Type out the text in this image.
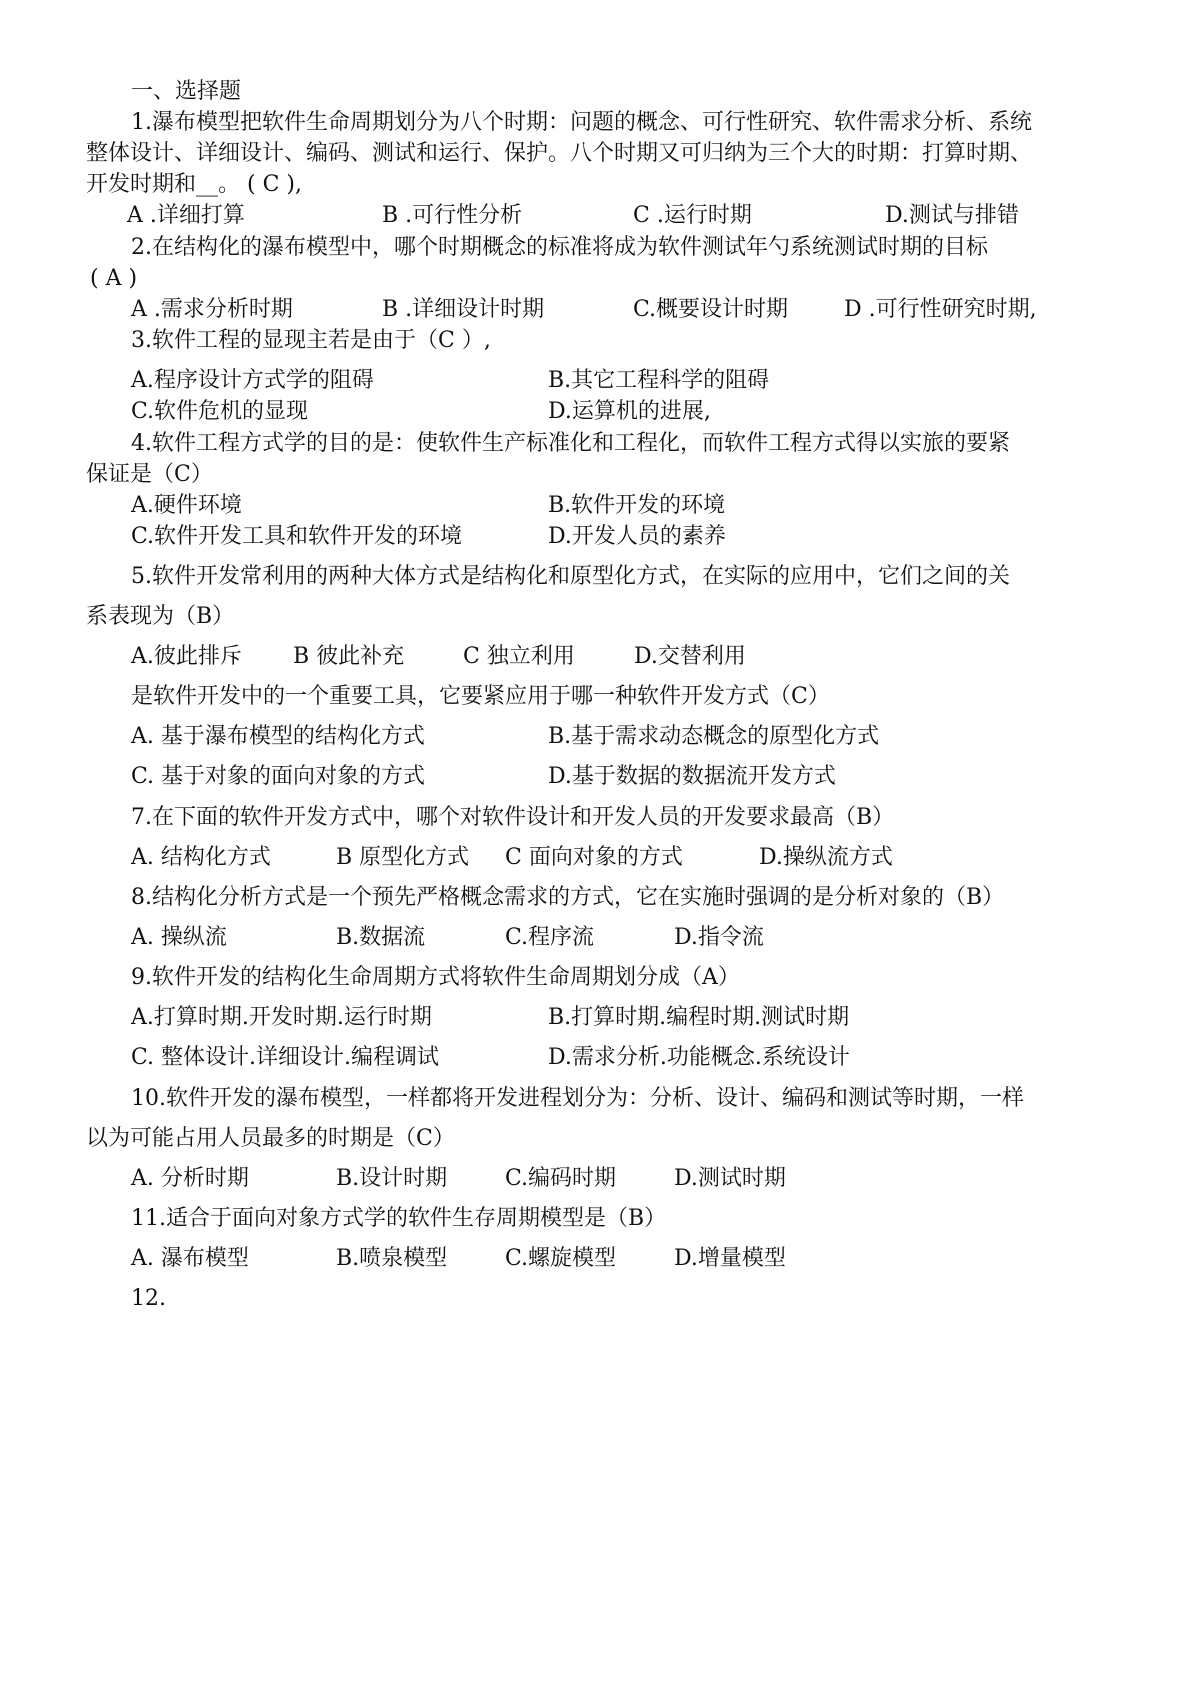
一、选择题
1.瀑布模型把软件生命周期划分为八个时期：问题的概念、可行性研究、软件需求分析、系统
整体设计、详细设计、编码、测试和运行、保护。八个时期又可归纳为三个大的时期：打算时期、
开发时期和__。 ( C ),
A .详细打算	B .可行性分析	C .运行时期	D.测试与排错
2.在结构化的瀑布模型中，哪个时期概念的标准将成为软件测试年勺系统测试时期的目标
( A )
A .需求分析时期	B .详细设计时期	C.概要设计时期	D .可行性研究时期,
3.软件工程的显现主若是由于（C ）,
A.程序设计方式学的阻碍	B.其它工程科学的阻碍
C.软件危机的显现	D.运算机的进展,
4.软件工程方式学的目的是：使软件生产标准化和工程化，而软件工程方式得以实旅的要紧
保证是（C）
A.硬件环境	B.软件开发的环境
C.软件开发工具和软件开发的环境	D.开发人员的素养
5.软件开发常利用的两种大体方式是结构化和原型化方式，在实际的应用中，它们之间的关
系表现为（B）
A.彼此排斥 B 彼此补充	C 独立利用	D.交替利用
是软件开发中的一个重要工具，它要紧应用于哪一种软件开发方式（C）
A. 基于瀑布模型的结构化方式	B.基于需求动态概念的原型化方式
C. 基于对象的面向对象的方式	D.基于数据的数据流开发方式
7.在下面的软件开发方式中，哪个对软件设计和开发人员的开发要求最高（B）
A. 结构化方式	B 原型化方式 C 面向对象的方式	D.操纵流方式
8.结构化分析方式是一个预先严格概念需求的方式，它在实施时强调的是分析对象的（B）
A. 操纵流	B.数据流	C.程序流	D.指令流
9.软件开发的结构化生命周期方式将软件生命周期划分成（A）
A.打算时期.开发时期.运行时期	B.打算时期.编程时期.测试时期
C. 整体设计.详细设计.编程调试	D.需求分析.功能概念.系统设计
10.软件开发的瀑布模型，一样都将开发进程划分为：分析、设计、编码和测试等时期，一样
以为可能占用人员最多的时期是（C）
A. 分析时期	B.设计时期	C.编码时期	D.测试时期
11.适合于面向对象方式学的软件生存周期模型是（B）
A. 瀑布模型	B.喷泉模型	C.螺旋模型	D.增量模型
12.
